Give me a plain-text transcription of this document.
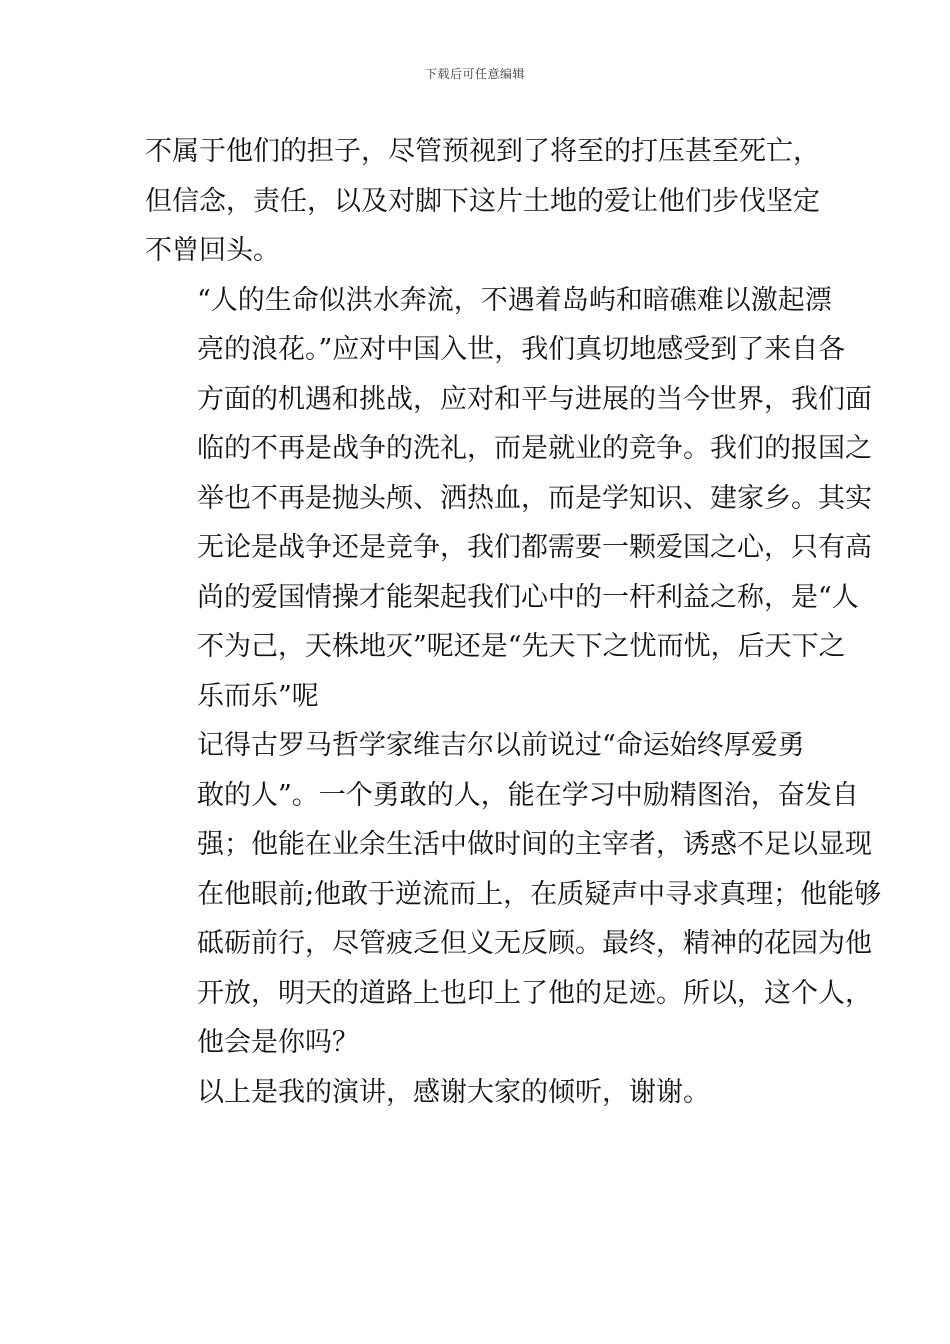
下载后可任意编辑

不属于他们的担子，尽管预视到了将至的打压甚至死亡，
但信念，责任，以及对脚下这片土地的爱让他们步伐坚定
不曾回头。

“人的生命似洪水奔流，不遇着岛屿和暗礁难以激起漂
亮的浪花。”应对中国入世，我们真切地感受到了来自各
方面的机遇和挑战，应对和平与进展的当今世界，我们面
临的不再是战争的洗礼，而是就业的竞争。我们的报国之
举也不再是抛头颅、洒热血，而是学知识、建家乡。其实
无论是战争还是竞争，我们都需要一颗爱国之心，只有高
尚的爱国情操才能架起我们心中的一杆利益之称，是“人
不为己，天株地灭”呢还是“先天下之忧而忧，后天下之
乐而乐”呢

记得古罗马哲学家维吉尔以前说过“命运始终厚爱勇
敢的人”。一个勇敢的人，能在学习中励精图治，奋发自
强；他能在业余生活中做时间的主宰者，诱惑不足以显现
在他眼前;他敢于逆流而上，在质疑声中寻求真理；他能够
砥砺前行，尽管疲乏但义无反顾。最终，精神的花园为他
开放，明天的道路上也印上了他的足迹。所以，这个人，
他会是你吗？

以上是我的演讲，感谢大家的倾听，谢谢。
